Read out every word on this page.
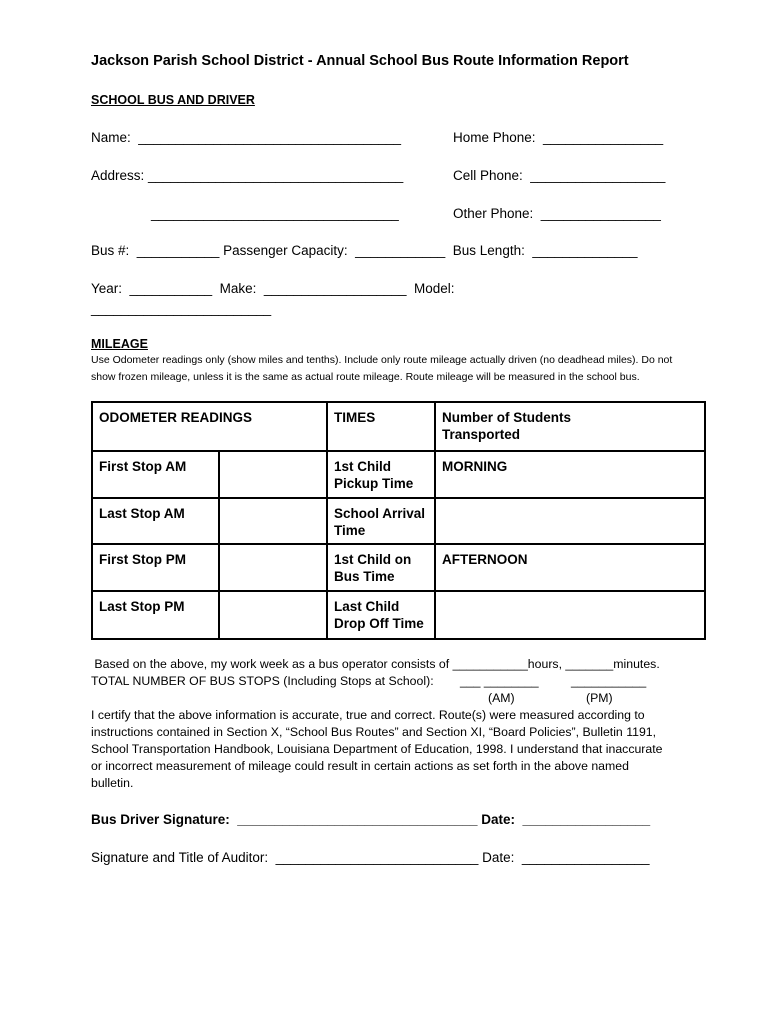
Jackson Parish School District - Annual School Bus Route Information Report
SCHOOL BUS AND DRIVER
Name:  ___________________________________	Home Phone:  ________________
Address: __________________________________	Cell Phone:  __________________
_________________________________	Other Phone:  ________________
Bus #:  ___________ Passenger Capacity:  ____________  Bus Length:  ______________
Year:  ___________  Make:  ___________________  Model:
________________________
MILEAGE
Use Odometer readings only (show miles and tenths). Include only route mileage actually driven (no deadhead miles). Do not show frozen mileage, unless it is the same as actual route mileage. Route mileage will be measured in the school bus.
ODOMETER READINGS		TIMES	Number of Students Transported

First Stop AM		1st Child Pickup Time	MORNING
Last Stop AM		School Arrival Time	
First Stop PM		1st Child on Bus Time	AFTERNOON
Last Stop PM		Last Child Drop Off Time	
Based on the above, my work week as a bus operator consists of ___________hours, _______minutes.
TOTAL NUMBER OF BUS STOPS (Including Stops at School): ___ ________	___________
(AM)	(PM)
I certify that the above information is accurate, true and correct. Route(s) were measured according to instructions contained in Section X, “School Bus Routes” and Section XI, “Board Policies”, Bulletin 1191, School Transportation Handbook, Louisiana Department of Education, 1998. I understand that inaccurate or incorrect measurement of mileage could result in certain actions as set forth in the above named bulletin.
Bus Driver Signature:  ________________________________ Date:  _________________
Signature and Title of Auditor:  ___________________________ Date:  _________________
